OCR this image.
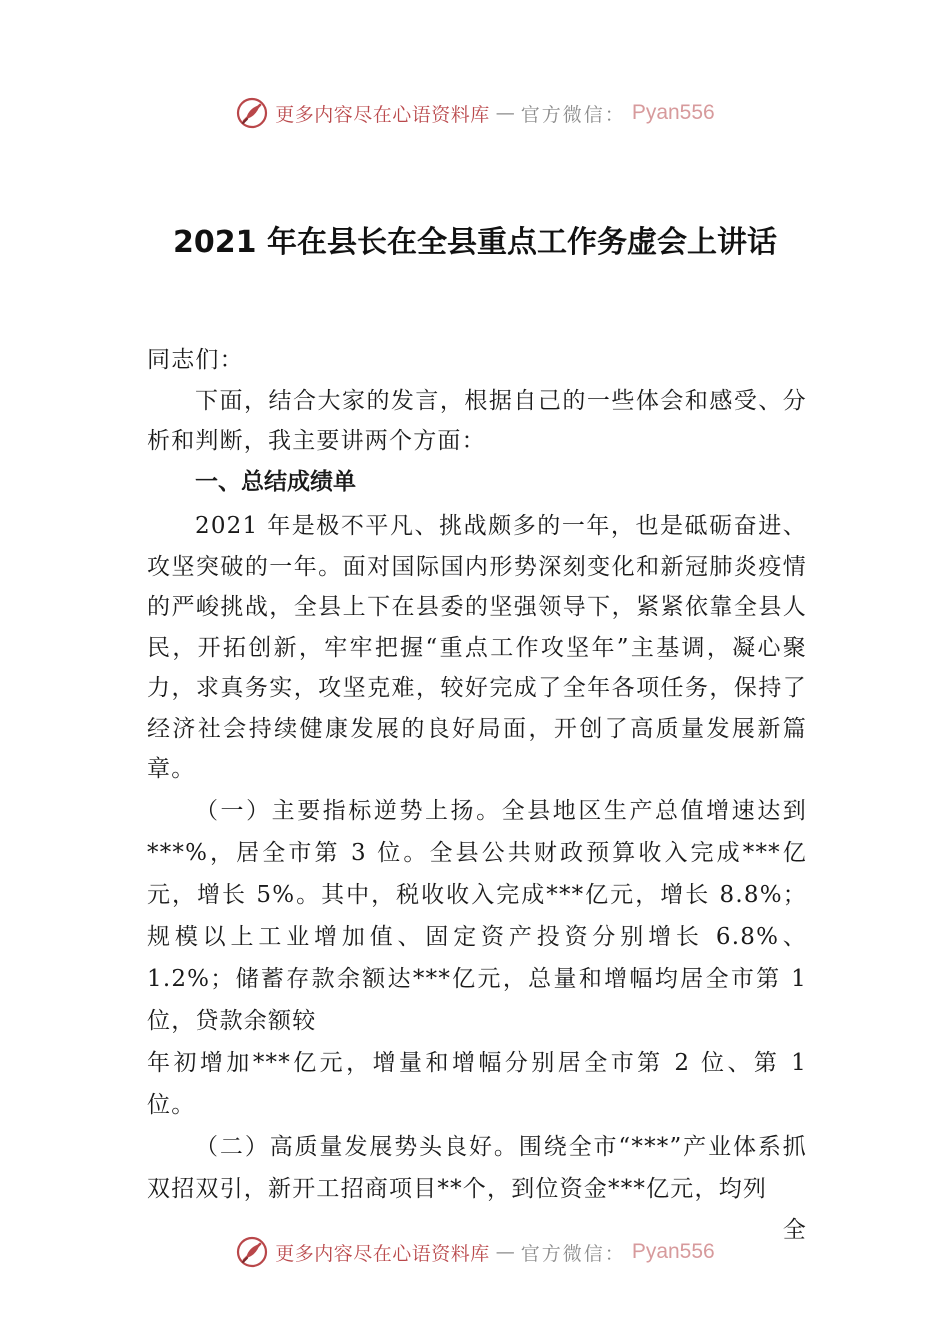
更多内容尽在心语资料库 — 官方微信： Pyan556
2021 年在县长在全县重点工作务虚会上讲话

同志们：

下面，结合大家的发言，根据自己的一些体会和感受、分析和判断，我主要讲两个方面：

一、总结成绩单

2021 年是极不平凡、挑战颇多的一年，也是砥砺奋进、攻坚突破的一年。面对国际国内形势深刻变化和新冠肺炎疫情的严峻挑战，全县上下在县委的坚强领导下，紧紧依靠全县人民，开拓创新，牢牢把握“重点工作攻坚年”主基调，凝心聚力，求真务实，攻坚克难，较好完成了全年各项任务，保持了经济社会持续健康发展的良好局面，开创了高质量发展新篇章。

（一）主要指标逆势上扬。全县地区生产总值增速达到***%，居全市第 3 位。全县公共财政预算收入完成***亿元，增长 5%。其中，税收收入完成***亿元，增长 8.8%；规模以上工业增加值、固定资产投资分别增长 6.8%、1.2%；储蓄存款余额达***亿元，总量和增幅均居全市第 1 位，贷款余额较

年初增加***亿元，增量和增幅分别居全市第 2 位、第 1 位。

（二）高质量发展势头良好。围绕全市“***”产业体系抓双招双引，新开工招商项目**个，到位资金***亿元，均列

全

更多内容尽在心语资料库 — 官方微信： Pyan556
